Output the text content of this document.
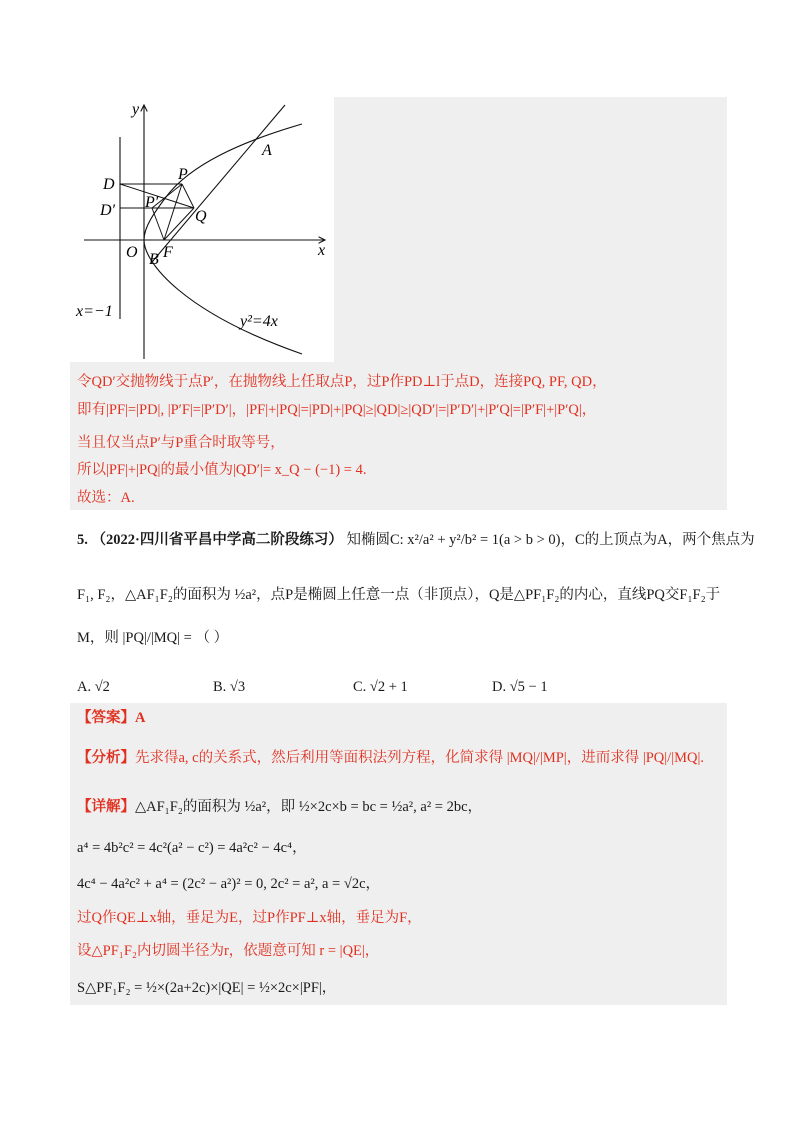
y
x
A
P
P′
D
D′	Q
O B F
x=−1
y²=4x
令QD′交抛物线于点P′，在抛物线上任取点P，过P作PD⊥l于点D，连接PQ, PF, QD，
即有|PF|=|PD|, |P′F|=|P′D′|，|PF|+|PQ|=|PD|+|PQ|≥|QD|≥|QD′|=|P′D′|+|P′Q|=|P′F|+|P′Q|，
当且仅当点P′与P重合时取等号，
所以|PF|+|PQ|的最小值为|QD′|= x_Q − (−1) = 4.
故选：A.
5. （2022·四川省平昌中学高二阶段练习） 知椭圆C: x²/a² + y²/b² = 1(a > b > 0)，C的上顶点为A，两个焦点为
F₁, F₂，△AF₁F₂的面积为 ½a²，点P是椭圆上任意一点（非顶点），Q是△PF₁F₂的内心，直线PQ交F₁F₂于
M，则 |PQ|/|MQ| = （ ）
A. √2	B. √3	C. √2 + 1	D. √5 − 1
【答案】A
【分析】先求得a, c的关系式，然后利用等面积法列方程，化简求得 |MQ|/|MP|，进而求得 |PQ|/|MQ|.
【详解】△AF₁F₂的面积为 ½a²，即 ½×2c×b = bc = ½a², a² = 2bc，
a⁴ = 4b²c² = 4c²(a² − c²) = 4a²c² − 4c⁴，
4c⁴ − 4a²c² + a⁴ = (2c² − a²)² = 0, 2c² = a², a = √2c，
过Q作QE⊥x轴，垂足为E，过P作PF⊥x轴，垂足为F，
设△PF₁F₂内切圆半径为r，依题意可知 r = |QE|，
S△PF₁F₂ = ½×(2a+2c)×|QE| = ½×2c×|PF|，
